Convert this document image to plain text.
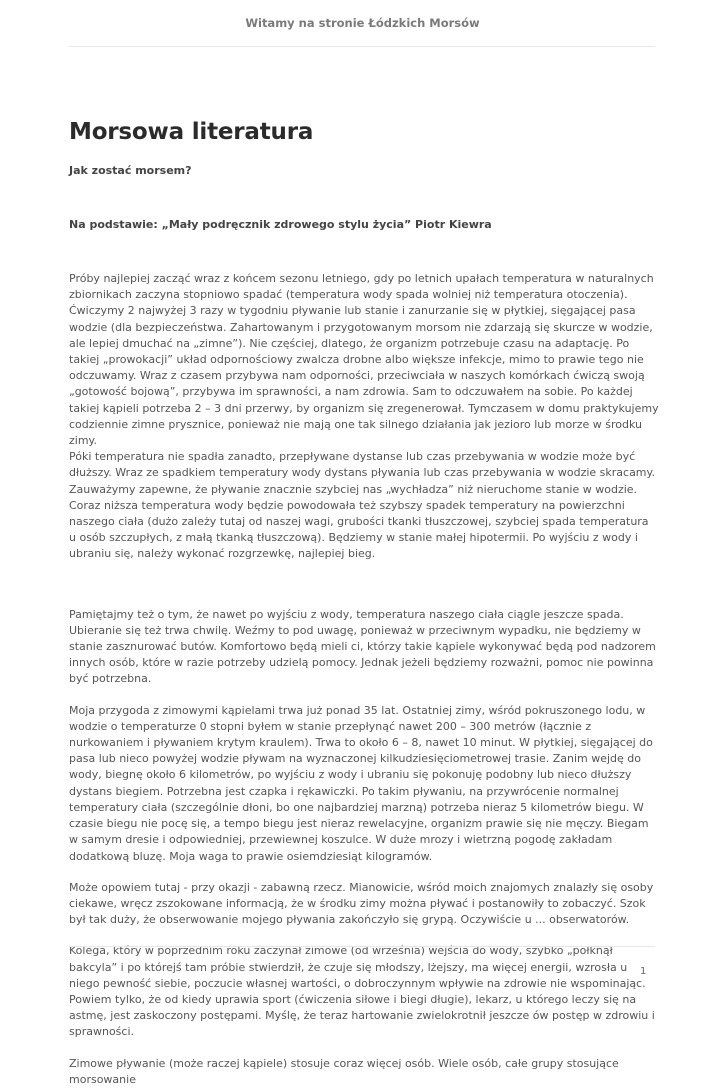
Witamy na stronie Łódzkich Morsów
Morsowa literatura
Jak zostać morsem?
Na podstawie: „Mały podręcznik zdrowego stylu życia” Piotr Kiewra

Próby najlepiej zacząć wraz z końcem sezonu letniego, gdy po letnich upałach temperatura w naturalnych zbiornikach zaczyna stopniowo spadać (temperatura wody spada wolniej niż temperatura otoczenia). Ćwiczymy 2 najwyżej 3 razy w tygodniu pływanie lub stanie i zanurzanie się w płytkiej, sięgającej pasa wodzie (dla bezpieczeństwa. Zahartowanym i przygotowanym morsom nie zdarzają się skurcze w wodzie, ale lepiej dmuchać na „zimne”). Nie częściej, dlatego, że organizm potrzebuje czasu na adaptację. Po takiej „prowokacji” układ odpornościowy zwalcza drobne albo większe infekcje, mimo to prawie tego nie odczuwamy. Wraz z czasem przybywa nam odporności, przeciwciała w naszych komórkach ćwiczą swoją „gotowość bojową”, przybywa im sprawności, a nam zdrowia. Sam to odczuwałem na sobie. Po każdej takiej kąpieli potrzeba 2 – 3 dni przerwy, by organizm się zregenerował. Tymczasem w domu praktykujemy codziennie zimne prysznice, ponieważ nie mają one tak silnego działania jak jezioro lub morze w środku zimy.
Póki temperatura nie spadła zanadto, przepływane dystanse lub czas przebywania w wodzie może być dłuższy. Wraz ze spadkiem temperatury wody dystans pływania lub czas przebywania w wodzie skracamy. Zauważymy zapewne, że pływanie znacznie szybciej nas „wychładza” niż nieruchome stanie w wodzie. Coraz niższa temperatura wody będzie powodowała też szybszy spadek temperatury na powierzchni naszego ciała (dużo zależy tutaj od naszej wagi, grubości tkanki tłuszczowej, szybciej spada temperatura u osób szczupłych, z małą tkanką tłuszczową). Będziemy w stanie małej hipotermii. Po wyjściu z wody i ubraniu się, należy wykonać rozgrzewkę, najlepiej bieg.

Pamiętajmy też o tym, że nawet po wyjściu z wody, temperatura naszego ciała ciągle jeszcze spada. Ubieranie się też trwa chwilę. Weźmy to pod uwagę, ponieważ w przeciwnym wypadku, nie będziemy w stanie zasznurować butów. Komfortowo będą mieli ci, którzy takie kąpiele wykonywać będą pod nadzorem innych osób, które w razie potrzeby udzielą pomocy. Jednak jeżeli będziemy rozważni, pomoc nie powinna być potrzebna.

Moja przygoda z zimowymi kąpielami trwa już ponad 35 lat. Ostatniej zimy, wśród pokruszonego lodu, w wodzie o temperaturze 0 stopni byłem w stanie przepłynąć nawet 200 – 300 metrów (łącznie z nurkowaniem i pływaniem krytym kraulem). Trwa to około 6 – 8, nawet 10 minut. W płytkiej, sięgającej do pasa lub nieco powyżej wodzie pływam na wyznaczonej kilkudziesięciometrowej trasie. Zanim wejdę do wody, biegnę około 6 kilometrów, po wyjściu z wody i ubraniu się pokonuję podobny lub nieco dłuższy dystans biegiem. Potrzebna jest czapka i rękawiczki. Po takim pływaniu, na przywrócenie normalnej temperatury ciała (szczególnie dłoni, bo one najbardziej marzną) potrzeba nieraz 5 kilometrów biegu. W czasie biegu nie pocę się, a tempo biegu jest nieraz rewelacyjne, organizm prawie się nie męczy. Biegam w samym dresie i odpowiedniej, przewiewnej koszulce. W duże mrozy i wietrzną pogodę zakładam dodatkową bluzę. Moja waga to prawie osiemdziesiąt kilogramów.

Może opowiem tutaj - przy okazji - zabawną rzecz. Mianowicie, wśród moich znajomych znalazły się osoby ciekawe, wręcz zszokowane informacją, że w środku zimy można pływać i postanowiły to zobaczyć. Szok był tak duży, że obserwowanie mojego pływania zakończyło się grypą. Oczywiście u ... obserwatorów.

Kolega, który w poprzednim roku zaczynał zimowe (od września) wejścia do wody, szybko „połknął bakcyla” i po którejś tam próbie stwierdził, że czuje się młodszy, lżejszy, ma więcej energii, wzrosła u niego pewność siebie, poczucie własnej wartości, o dobroczynnym wpływie na zdrowie nie wspominając. Powiem tylko, że od kiedy uprawia sport (ćwiczenia siłowe i biegi długie), lekarz, u którego leczy się na astmę, jest zaskoczony postępami. Myślę, że teraz hartowanie zwielokrotnił jeszcze ów postęp w zdrowiu i sprawności.

Zimowe pływanie (może raczej kąpiele) stosuje coraz więcej osób. Wiele osób, całe grupy stosujące morsowanie

1
